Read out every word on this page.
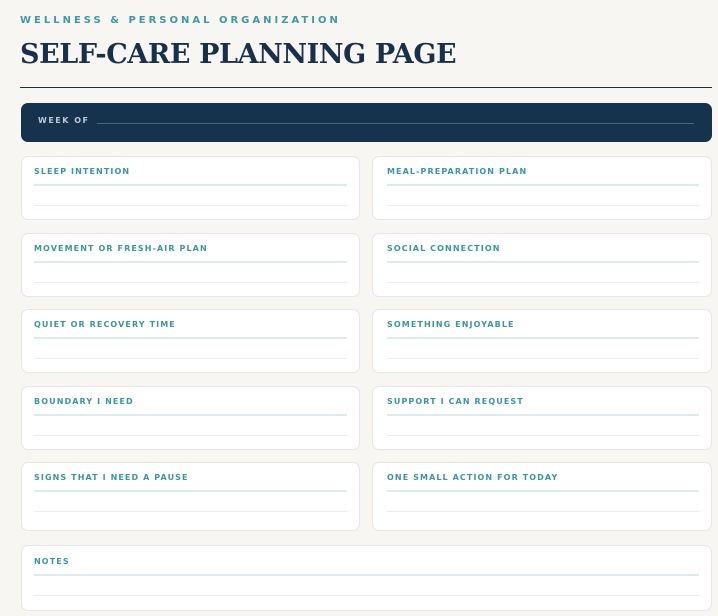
WELLNESS & PERSONAL ORGANIZATION
SELF-CARE PLANNING PAGE
WEEK OF
SLEEP INTENTION	MEAL-PREPARATION PLAN
MOVEMENT OR FRESH-AIR PLAN	SOCIAL CONNECTION
QUIET OR RECOVERY TIME	SOMETHING ENJOYABLE
BOUNDARY I NEED	SUPPORT I CAN REQUEST
SIGNS THAT I NEED A PAUSE	ONE SMALL ACTION FOR TODAY
NOTES
